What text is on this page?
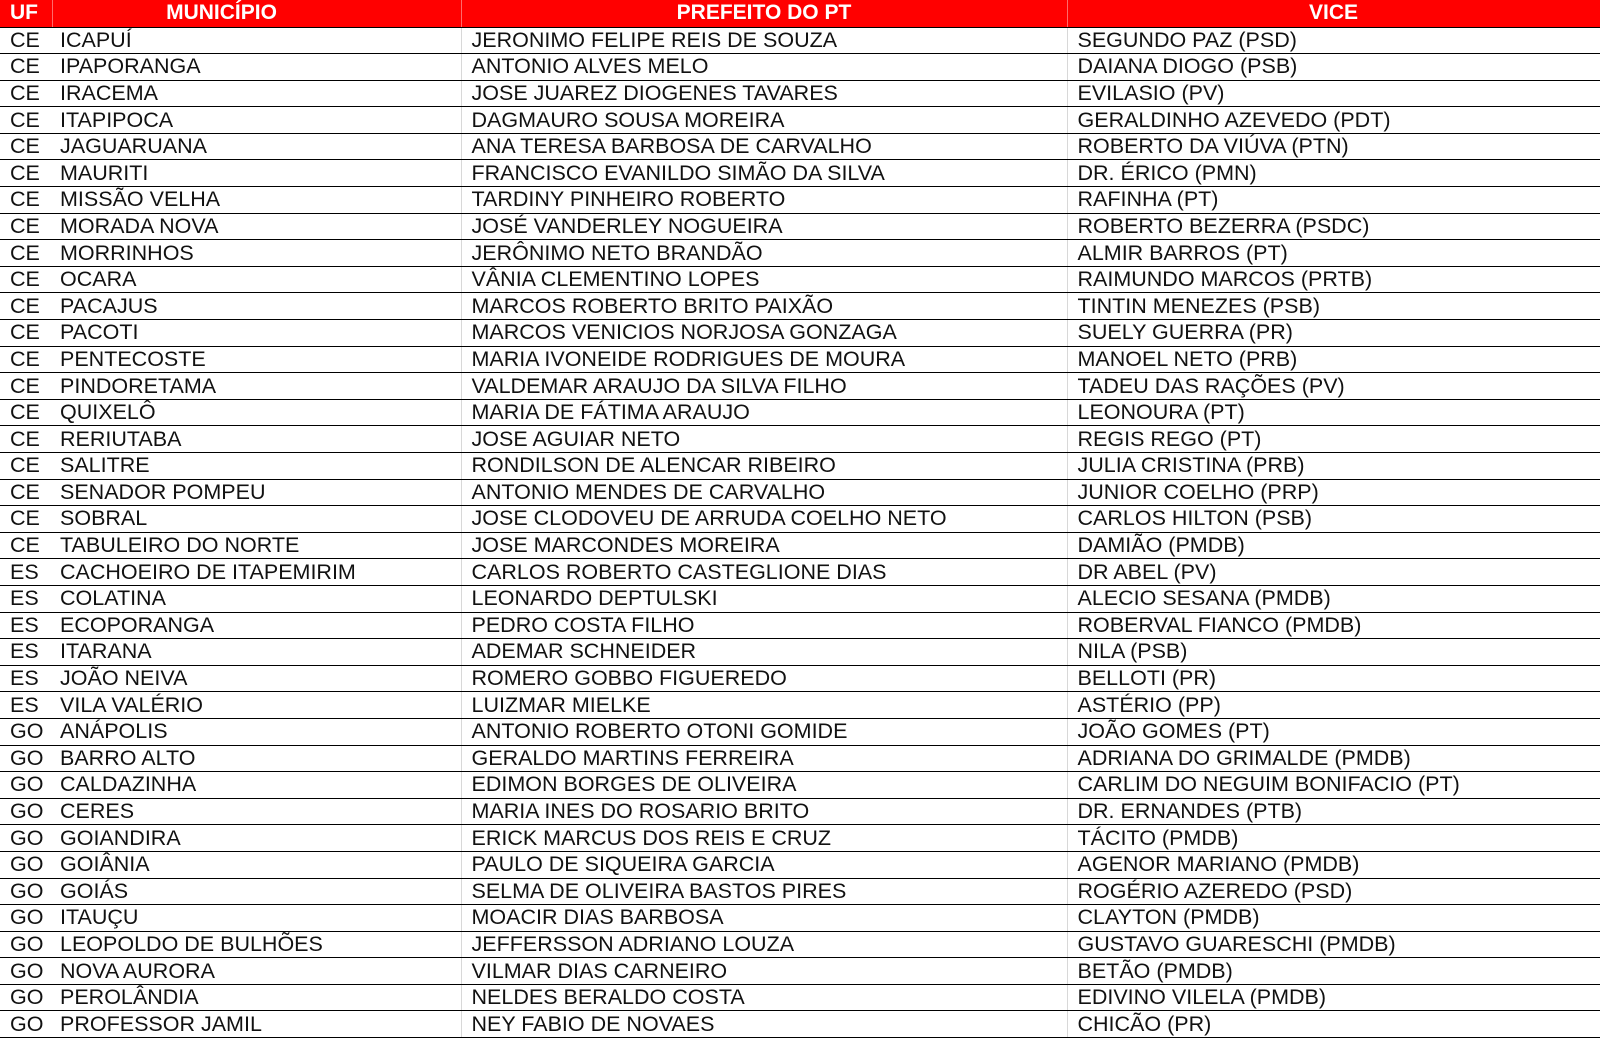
UF	MUNICÍPIO	PREFEITO DO PT	VICE
CE	ICAPUÍ	JERONIMO FELIPE REIS DE SOUZA	SEGUNDO PAZ (PSD)
CE	IPAPORANGA	ANTONIO ALVES MELO	DAIANA DIOGO (PSB)
CE	IRACEMA	JOSE JUAREZ DIOGENES TAVARES	EVILASIO (PV)
CE	ITAPIPOCA	DAGMAURO SOUSA MOREIRA	GERALDINHO AZEVEDO (PDT)
CE	JAGUARUANA	ANA TERESA BARBOSA DE CARVALHO	ROBERTO DA VIÚVA (PTN)
CE	MAURITI	FRANCISCO EVANILDO SIMÃO DA SILVA	DR. ÉRICO (PMN)
CE	MISSÃO VELHA	TARDINY PINHEIRO ROBERTO	RAFINHA (PT)
CE	MORADA NOVA	JOSÉ VANDERLEY NOGUEIRA	ROBERTO BEZERRA (PSDC)
CE	MORRINHOS	JERÔNIMO NETO BRANDÃO	ALMIR BARROS (PT)
CE	OCARA	VÂNIA CLEMENTINO LOPES	RAIMUNDO MARCOS (PRTB)
CE	PACAJUS	MARCOS ROBERTO BRITO PAIXÃO	TINTIN MENEZES (PSB)
CE	PACOTI	MARCOS VENICIOS NORJOSA GONZAGA	SUELY GUERRA (PR)
CE	PENTECOSTE	MARIA IVONEIDE RODRIGUES DE MOURA	MANOEL NETO (PRB)
CE	PINDORETAMA	VALDEMAR ARAUJO DA SILVA FILHO	TADEU DAS RAÇÕES (PV)
CE	QUIXELÔ	MARIA DE FÁTIMA ARAUJO	LEONOURA (PT)
CE	RERIUTABA	JOSE AGUIAR NETO	REGIS REGO (PT)
CE	SALITRE	RONDILSON DE ALENCAR RIBEIRO	JULIA CRISTINA (PRB)
CE	SENADOR POMPEU	ANTONIO MENDES DE CARVALHO	JUNIOR COELHO (PRP)
CE	SOBRAL	JOSE CLODOVEU DE ARRUDA COELHO NETO	CARLOS HILTON (PSB)
CE	TABULEIRO DO NORTE	JOSE MARCONDES MOREIRA	DAMIÃO (PMDB)
ES	CACHOEIRO DE ITAPEMIRIM	CARLOS ROBERTO CASTEGLIONE DIAS	DR ABEL (PV)
ES	COLATINA	LEONARDO DEPTULSKI	ALECIO SESANA (PMDB)
ES	ECOPORANGA	PEDRO COSTA FILHO	ROBERVAL FIANCO (PMDB)
ES	ITARANA	ADEMAR SCHNEIDER	NILA (PSB)
ES	JOÃO NEIVA	ROMERO GOBBO FIGUEREDO	BELLOTI (PR)
ES	VILA VALÉRIO	LUIZMAR MIELKE	ASTÉRIO (PP)
GO	ANÁPOLIS	ANTONIO ROBERTO OTONI GOMIDE	JOÃO GOMES (PT)
GO	BARRO ALTO	GERALDO MARTINS FERREIRA	ADRIANA DO GRIMALDE (PMDB)
GO	CALDAZINHA	EDIMON BORGES DE OLIVEIRA	CARLIM DO NEGUIM BONIFACIO (PT)
GO	CERES	MARIA INES DO ROSARIO BRITO	DR. ERNANDES (PTB)
GO	GOIANDIRA	ERICK MARCUS DOS REIS E CRUZ	TÁCITO (PMDB)
GO	GOIÂNIA	PAULO DE SIQUEIRA GARCIA	AGENOR MARIANO (PMDB)
GO	GOIÁS	SELMA DE OLIVEIRA BASTOS PIRES	ROGÉRIO AZEREDO (PSD)
GO	ITAUÇU	MOACIR DIAS BARBOSA	CLAYTON (PMDB)
GO	LEOPOLDO DE BULHÕES	JEFFERSSON ADRIANO LOUZA	GUSTAVO GUARESCHI (PMDB)
GO	NOVA AURORA	VILMAR DIAS CARNEIRO	BETÃO (PMDB)
GO	PEROLÂNDIA	NELDES BERALDO COSTA	EDIVINO VILELA (PMDB)
GO	PROFESSOR JAMIL	NEY FABIO DE NOVAES	CHICÃO (PR)
